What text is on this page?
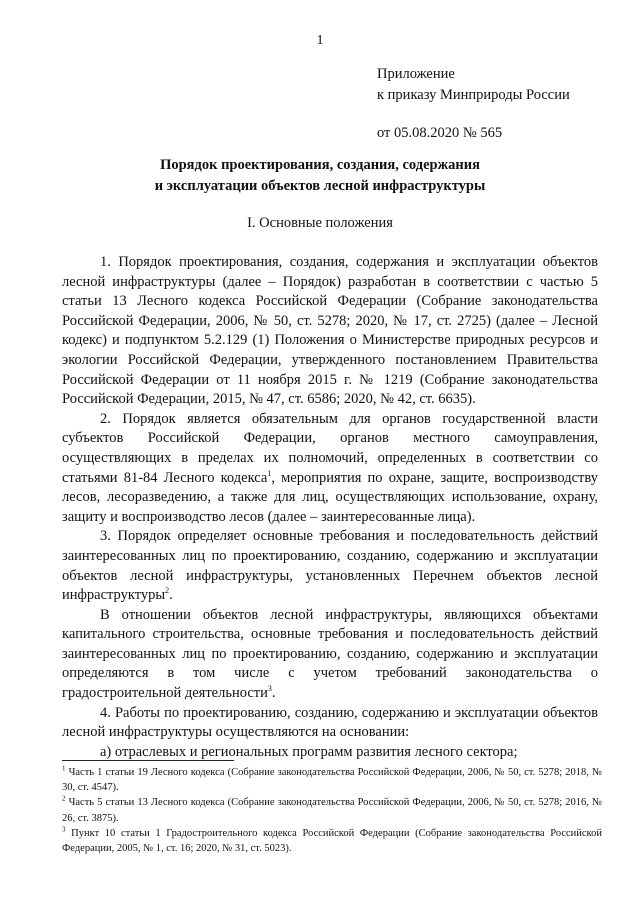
1
Приложение
к приказу Минприроды России
от 05.08.2020 № 565
Порядок проектирования, создания, содержания
и эксплуатации объектов лесной инфраструктуры
I. Основные положения

1. Порядок проектирования, создания, содержания и эксплуатации объектов лесной инфраструктуры (далее – Порядок) разработан в соответствии с частью 5 статьи 13 Лесного кодекса Российской Федерации (Собрание законодательства Российской Федерации, 2006, № 50, ст. 5278; 2020, № 17, ст. 2725) (далее – Лесной кодекс) и подпунктом 5.2.129 (1) Положения о Министерстве природных ресурсов и экологии Российской Федерации, утвержденного постановлением Правительства Российской Федерации от 11 ноября 2015 г. № 1219 (Собрание законодательства Российской Федерации, 2015, № 47, ст. 6586; 2020, № 42, ст. 6635).

2. Порядок является обязательным для органов государственной власти субъектов Российской Федерации, органов местного самоуправления, осуществляющих в пределах их полномочий, определенных в соответствии со статьями 81-84 Лесного кодекса$^1$, мероприятия по охране, защите, воспроизводству лесов, лесоразведению, а также для лиц, осуществляющих использование, охрану, защиту и воспроизводство лесов (далее – заинтересованные лица).

3. Порядок определяет основные требования и последовательность действий заинтересованных лиц по проектированию, созданию, содержанию и эксплуатации объектов лесной инфраструктуры, установленных Перечнем объектов лесной инфраструктуры$^2$.

В отношении объектов лесной инфраструктуры, являющихся объектами капитального строительства, основные требования и последовательность действий заинтересованных лиц по проектированию, созданию, содержанию и эксплуатации определяются в том числе с учетом требований законодательства о градостроительной деятельности$^3$.

4. Работы по проектированию, созданию, содержанию и эксплуатации объектов лесной инфраструктуры осуществляются на основании:

а) отраслевых и региональных программ развития лесного сектора;

$^1$ Часть 1 статьи 19 Лесного кодекса (Собрание законодательства Российской Федерации, 2006, № 50, ст. 5278; 2018, № 30, ст. 4547).
$^2$ Часть 5 статьи 13 Лесного кодекса (Собрание законодательства Российской Федерации, 2006, № 50, ст. 5278; 2016, № 26, ст. 3875).
$^3$ Пункт 10 статьи 1 Градостроительного кодекса Российской Федерации (Собрание законодательства Российской Федерации, 2005, № 1, ст. 16; 2020, № 31, ст. 5023).
